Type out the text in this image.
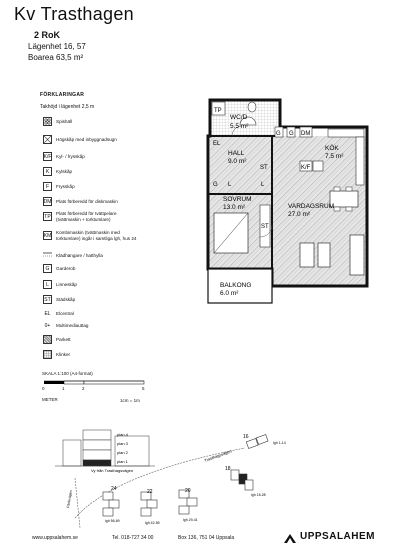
Kv Trasthagen
2 RoK
Lägenhet 16, 57
Boarea 63,5 m²
FÖRKLARINGAR
Takhöjd i lägenhet 2,5 m
Spishäll
Högskåp med inbyggnadsugn
K/F Kyl- / frysskåp
K	Kylskåp
F	Frysskåp
DM Plats förberedd för diskmaskin
TP Plats förberedd för tvättpelare (tvättmaskin + torktumlare)
KM Kombimaskin (tvättmaskin med torktumlare) ingår i samtliga lgh, hus 24
Klädhängare / hatthylla
G	Garderob
L	Linneskåp
ST Städskåp
EL	Elcentral
0+	Multimediauttag
Parkett
Klinker
SKALA 1:100 (A4-format)
0	1	2	5
METER	1cm = 1m
TP
EL
G G DM
K/F
G L
ST
L
ST
WC/D
5.5 m²
HALL
9.0 m²
KÖK
7.5 m²
SOVRUM
13.0 m²	VARDAGSRUM
27.0 m²
BALKONG
6.0 m²
plan 4
plan 3
plan 2
plan 1
Vy från Trasthagsvägen
Trasthagsvägen
Pärlevägen
16
lgh 1-14
18
lgh 15-28
20
lgh 29-41
22
lgh 42-55
24
lgh 56-69
www.uppsalahem.se	Tel. 018-727 34 00	Box 136, 751 04 Uppsala	UPPSALAHEM
